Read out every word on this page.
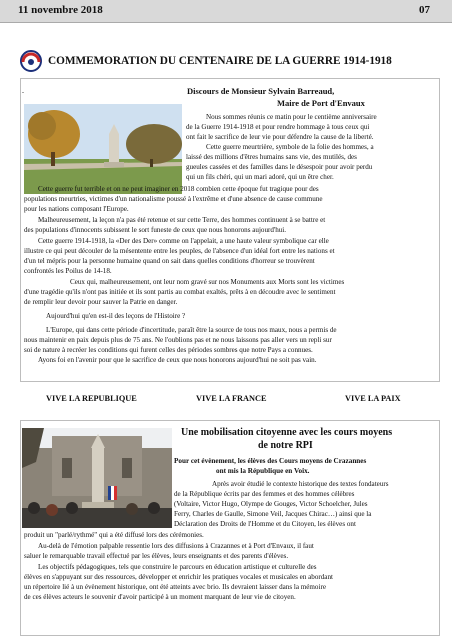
11 novembre 2018	07
COMMEMORATION DU CENTENAIRE DE LA GUERRE 1914-1918
.	Discours de Monsieur Sylvain Barreaud,
Maire de Port d'Envaux
Nous sommes réunis ce matin pour le centième anniversaire
de la Guerre 1914-1918 et pour rendre hommage à tous ceux qui
ont fait le sacrifice de leur vie pour défendre la cause de la liberté.
Cette guerre meurtrière, symbole de la folie des hommes, a
laissé des millions d'êtres humains sans vie, des mutilés, des
gueules cassées et des familles dans le désespoir pour avoir perdu
qui un fils chéri, qui un mari adoré, qui un être cher.
Cette guerre fut terrible et on ne peut imaginer en 2018 combien cette époque fut tragique pour des
populations meurtries, victimes d'un nationalisme poussé à l'extrême et d'une absence de cause commune
pour les nations composant l'Europe.
Malheureusement, la leçon n'a pas été retenue et sur cette Terre, des hommes continuent à se battre et
des populations d'innocents subissent le sort funeste de ceux que nous honorons aujourd'hui.
Cette guerre 1914-1918, la «Der des Der» comme on l'appelait, a une haute valeur symbolique car elle
illustre ce qui peut découler de la mésentente entre les peuples, de l'absence d'un idéal fort entre les nations et
d'un tel mépris pour la personne humaine quand on sait dans quelles conditions d'horreur se trouvèrent
confrontés les Poilus de 14-18.
Ceux qui, malheureusement, ont leur nom gravé sur nos Monuments aux Morts sont les victimes
d'une tragédie qu'ils n'ont pas initiée et ils sont partis au combat exaltés, prêts à en découdre avec le sentiment
de remplir leur devoir pour sauver la Patrie en danger.
Aujourd'hui qu'en est-il des leçons de l'Histoire ?
L'Europe, qui dans cette période d'incertitude, paraît être la source de tous nos maux, nous a permis de
nous maintenir en paix depuis plus de 75 ans. Ne l'oublions pas et ne nous laissons pas aller vers un repli sur
soi de nature à recréer les conditions qui furent celles des périodes sombres que notre Pays a connues.
Ayons foi en l'avenir pour que le sacrifice de ceux que nous honorons aujourd'hui ne soit pas vain.
VIVE LA REPUBLIQUE	VIVE LA FRANCE	VIVE LA PAIX
Une mobilisation citoyenne avec les cours moyens
de notre RPI
Pour cet évènement, les élèves des Cours moyens de Crazannes
ont mis la République en Voix.
Après avoir étudié le contexte historique des textes fondateurs
de la République écrits par des femmes et des hommes célèbres
(Voltaire, Victor Hugo, Olympe de Gouges, Victor Schoelcher, Jules
Ferry, Charles de Gaulle, Simone Veil, Jacques Chirac…) ainsi que la
Déclaration des Droits de l'Homme et du Citoyen, les élèves ont
produit un "parlé/rythmé" qui a été diffusé lors des cérémonies.
Au-delà de l'émotion palpable ressentie lors des diffusions à Crazannes et à Port d'Envaux, il faut
saluer le remarquable travail effectué par les élèves, leurs enseignants et des parents d'élèves.
Les objectifs pédagogiques, tels que construire le parcours en éducation artistique et culturelle des
élèves en s'appuyant sur des ressources, développer et enrichir les pratiques vocales et musicales en abordant
un répertoire lié à un évènement historique, ont été atteints avec brio. Ils devraient laisser dans la mémoire
de ces élèves acteurs le souvenir d'avoir participé à un moment marquant de leur vie de citoyen.
